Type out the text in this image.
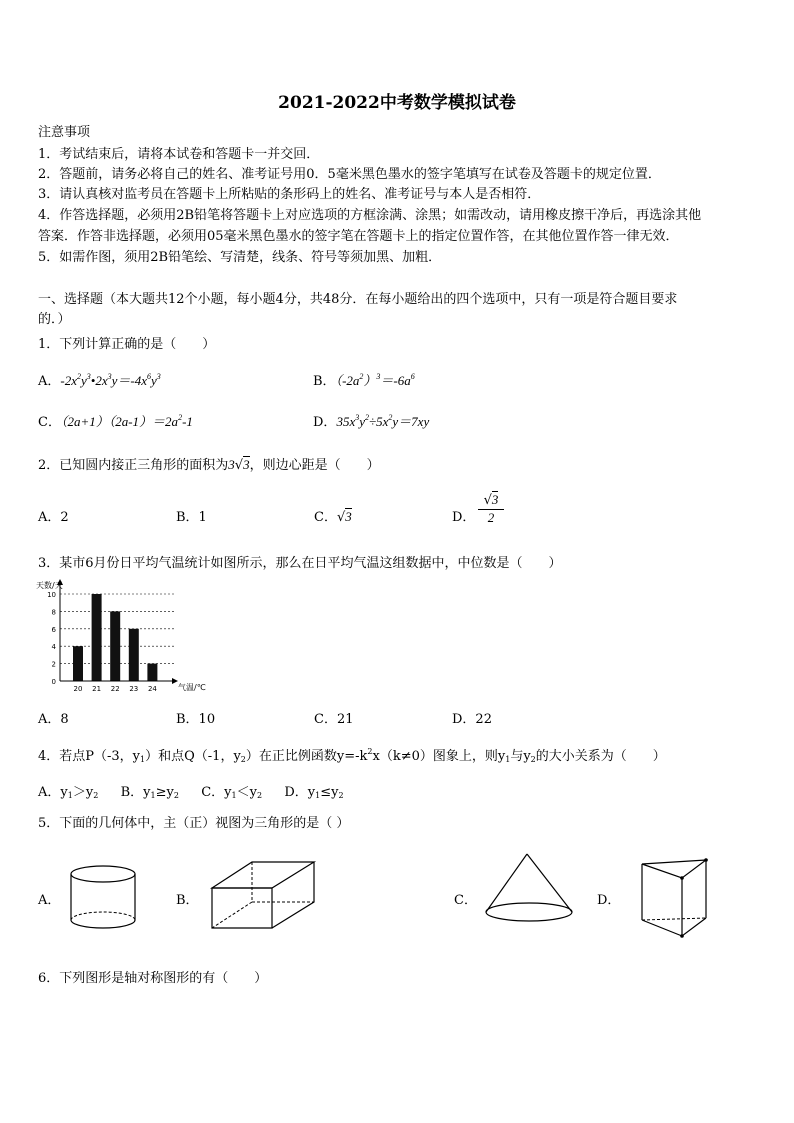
2021-2022中考数学模拟试卷
注意事项
1．考试结束后，请将本试卷和答题卡一并交回．
2．答题前，请务必将自己的姓名、准考证号用0．5毫米黑色墨水的签字笔填写在试卷及答题卡的规定位置．
3．请认真核对监考员在答题卡上所粘贴的条形码上的姓名、准考证号与本人是否相符．
4．作答选择题，必须用2B铅笔将答题卡上对应选项的方框涂满、涂黑；如需改动，请用橡皮擦干净后，再选涂其他
答案．作答非选择题，必须用05毫米黑色墨水的签字笔在答题卡上的指定位置作答，在其他位置作答一律无效．
5．如需作图，须用2B铅笔绘、写清楚，线条、符号等须加黑、加粗．
一、选择题（本大题共12个小题，每小题4分，共48分．在每小题给出的四个选项中，只有一项是符合题目要求
的．）
1．下列计算正确的是（　　）
A．$-2x^2y^3•2x^3y=-4x^6y^3$	B．$(-2a^2)^3=-6a^6$
C．$(2a+1)(2a-1)=2a^2-1$	D．$35x^3y^2\div 5x^2y=7xy$
2．已知圆内接正三角形的面积为3√3，则边心距是（　　）
A．2	B．1	C．√3	D． $\frac{√3}{2}$
3．某市6月份日平均气温统计如图所示，那么在日平均气温这组数据中，中位数是（　　）
0
2
4
6
8
10
20 21 22 23 24
天数/天
气温/℃
A．8	B．10	C．21	D．22
4．若点P（-3，$y_1$）和点Q（-1，$y_2$）在正比例函数$y=-k^2x(k\ne 0)$图象上，则$y_1$与$y_2$的大小关系为（　　）
A．$y_1>y_2$ B．$y_1\ge y_2$ C．$y_1<y_2$ D．$y_1\le y_2$
5．下面的几何体中，主（正）视图为三角形的是（ ）
A．	B．	C．	D．
6．下列图形是轴对称图形的有（　　）
